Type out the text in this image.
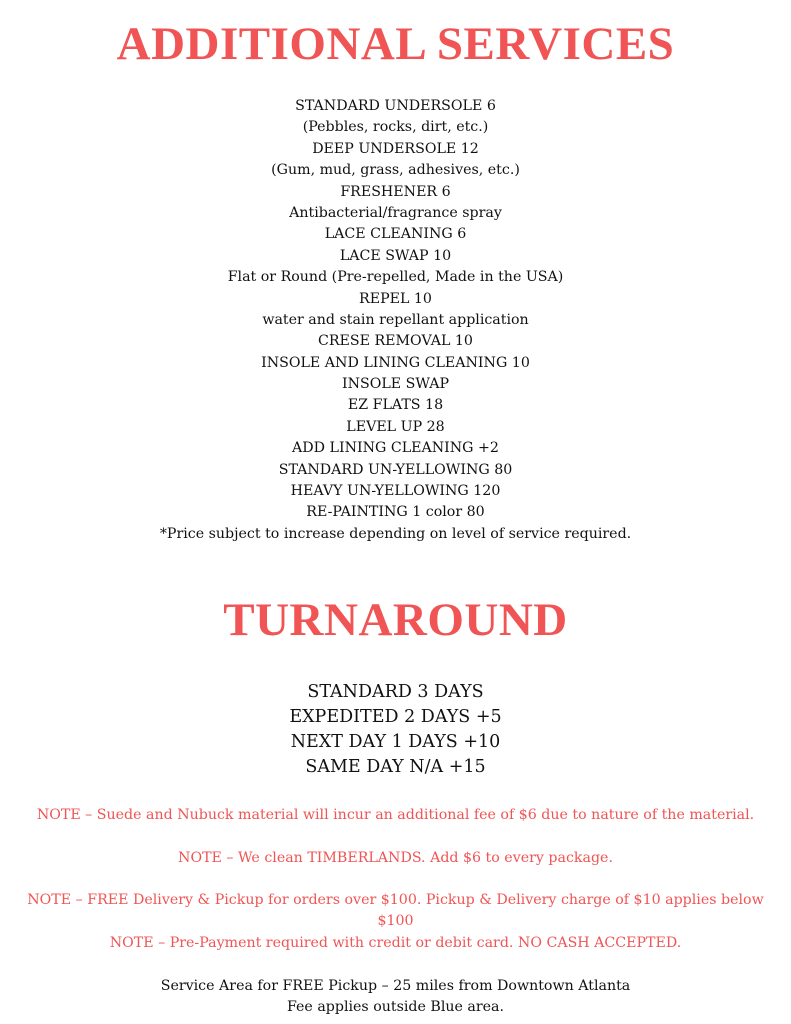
ADDITIONAL SERVICES
STANDARD UNDERSOLE 6
(Pebbles, rocks, dirt, etc.)
DEEP UNDERSOLE 12
(Gum, mud, grass, adhesives, etc.)
FRESHENER 6
Antibacterial/fragrance spray
LACE CLEANING 6
LACE SWAP 10
Flat or Round (Pre-repelled, Made in the USA)
REPEL 10
water and stain repellant application
CRESE REMOVAL 10
INSOLE AND LINING CLEANING 10
INSOLE SWAP
EZ FLATS 18
LEVEL UP 28
ADD LINING CLEANING +2
STANDARD UN-YELLOWING 80
HEAVY UN-YELLOWING 120
RE-PAINTING 1 color 80
*Price subject to increase depending on level of service required.
TURNAROUND
STANDARD 3 DAYS
EXPEDITED 2 DAYS +5
NEXT DAY 1 DAYS +10
SAME DAY N/A +15

NOTE – Suede and Nubuck material will incur an additional fee of $6 due to nature of the material.

NOTE – We clean TIMBERLANDS. Add $6 to every package.

NOTE – FREE Delivery & Pickup for orders over $100. Pickup & Delivery charge of $10 applies below $100

NOTE – Pre-Payment required with credit or debit card. NO CASH ACCEPTED.

Service Area for FREE Pickup – 25 miles from Downtown Atlanta

Fee applies outside Blue area.
